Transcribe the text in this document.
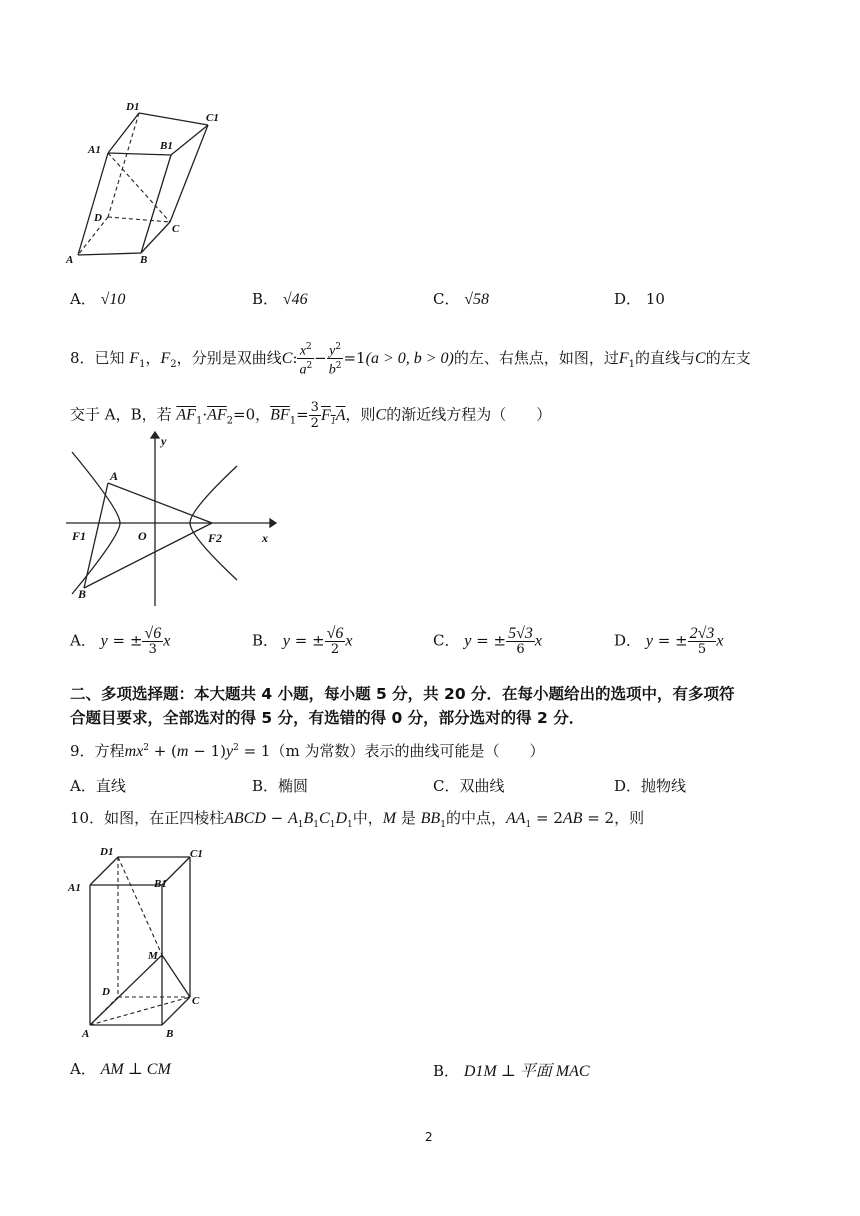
D1
C1
A1	B1
D
C
A	B
A． √10	B． √46	C． √58	D． 10
8．已知 $F_1$，$F_2$，分别是双曲线C: $\frac{x^2}{a^2} - \frac{y^2}{b^2} =1(a > 0$, b > 0)的左、右焦点，如图，过$F_1$的直线与C的左支
交于 A，B，若 $\overline{AF}_1\cdot\overline{AF}_2=0$，$\overline{BF}_1= \frac{3}{2} F_1A$，则C的渐近线方程为（　　）
y
A
F1	O	F2	x
B
A． y = ± $\frac{√6}{3}$ x	B． y = ± $\frac{√6}{2}$ x	C． y = ± $\frac{5√3}{6}$ x	D． y = ± $\frac{2√3}{5}$ x
二、多项选择题：本大题共 4 小题，每小题 5 分，共 20 分．在每小题给出的选项中，有多项符
合题目要求，全部选对的得 5 分，有选错的得 0 分，部分选对的得 2 分．
9．方程$mx^2 + (m - 1)y^2 = 1(m$ 为常数）表示的曲线可能是（　　）
A．直线	B．椭圆	C．双曲线	D．抛物线
10．如图，在正四棱柱ABCD − $A_1B_1C_1D_1$中，M 是 $BB_1$的中点，$AA_1 = 2AB = 2$，则
D1	C1
A1	B1
M
D
C
A	B
A． AM ⊥ CM	B． D1M ⊥ 平面 MAC
2
